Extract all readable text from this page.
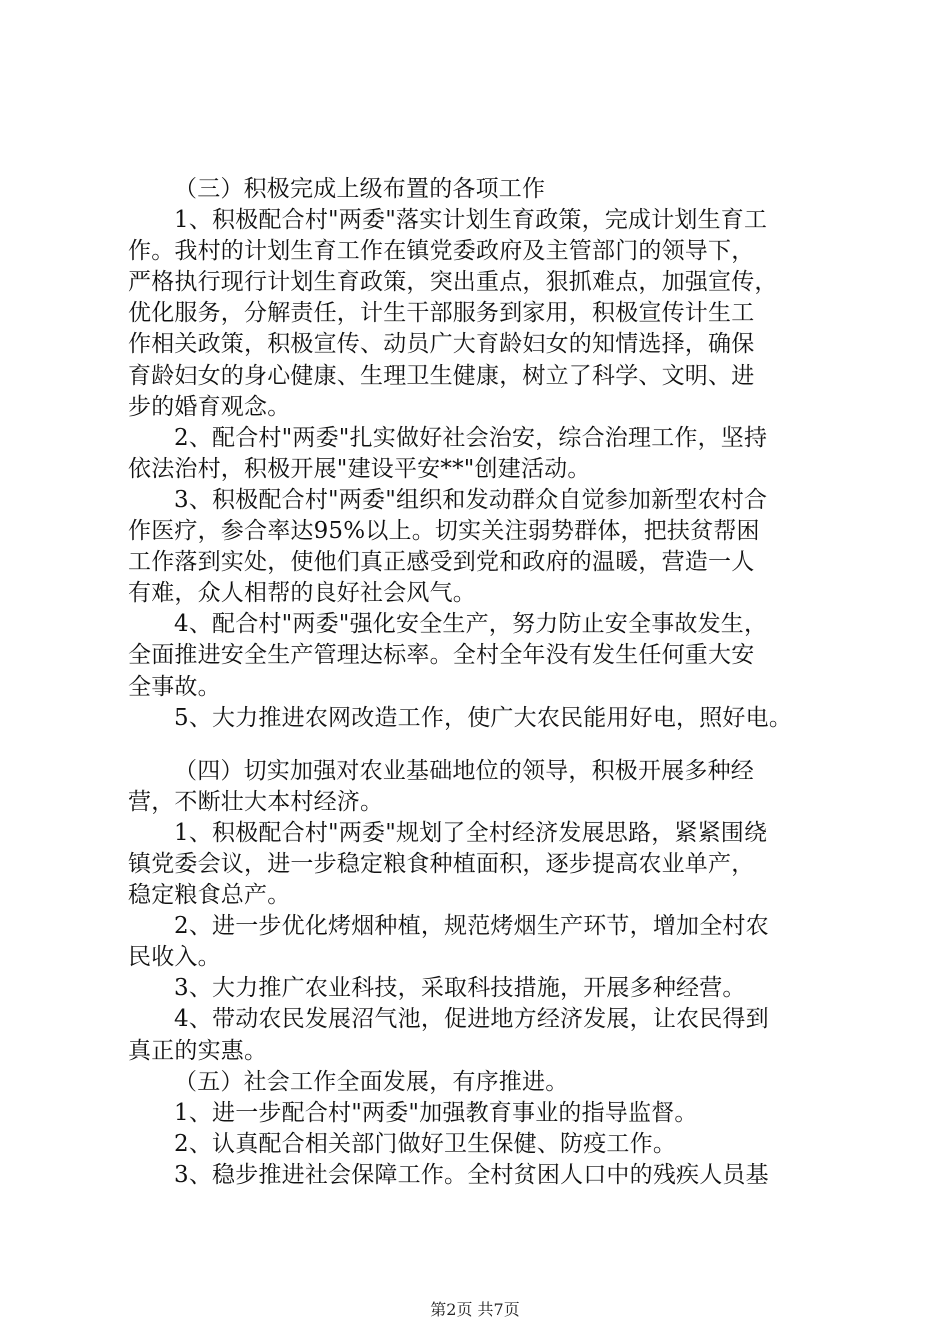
（三）积极完成上级布置的各项工作
1、积极配合村"两委"落实计划生育政策，完成计划生育工
作。我村的计划生育工作在镇党委政府及主管部门的领导下，
严格执行现行计划生育政策，突出重点，狠抓难点，加强宣传，
优化服务，分解责任，计生干部服务到家用，积极宣传计生工
作相关政策，积极宣传、动员广大育龄妇女的知情选择，确保
育龄妇女的身心健康、生理卫生健康，树立了科学、文明、进
步的婚育观念。
2、配合村"两委"扎实做好社会治安，综合治理工作，坚持
依法治村，积极开展"建设平安**"创建活动。
3、积极配合村"两委"组织和发动群众自觉参加新型农村合
作医疗，参合率达95%以上。切实关注弱势群体，把扶贫帮困
工作落到实处，使他们真正感受到党和政府的温暖，营造一人
有难，众人相帮的良好社会风气。
4、配合村"两委"强化安全生产，努力防止安全事故发生，
全面推进安全生产管理达标率。全村全年没有发生任何重大安
全事故。
5、大力推进农网改造工作，使广大农民能用好电，照好电。
（四）切实加强对农业基础地位的领导，积极开展多种经
营，不断壮大本村经济。
1、积极配合村"两委"规划了全村经济发展思路，紧紧围绕
镇党委会议，进一步稳定粮食种植面积，逐步提高农业单产，
稳定粮食总产。
2、进一步优化烤烟种植，规范烤烟生产环节，增加全村农
民收入。
3、大力推广农业科技，采取科技措施，开展多种经营。
4、带动农民发展沼气池，促进地方经济发展，让农民得到
真正的实惠。
（五）社会工作全面发展，有序推进。
1、进一步配合村"两委"加强教育事业的指导监督。
2、认真配合相关部门做好卫生保健、防疫工作。
3、稳步推进社会保障工作。全村贫困人口中的残疾人员基
第2页 共7页
